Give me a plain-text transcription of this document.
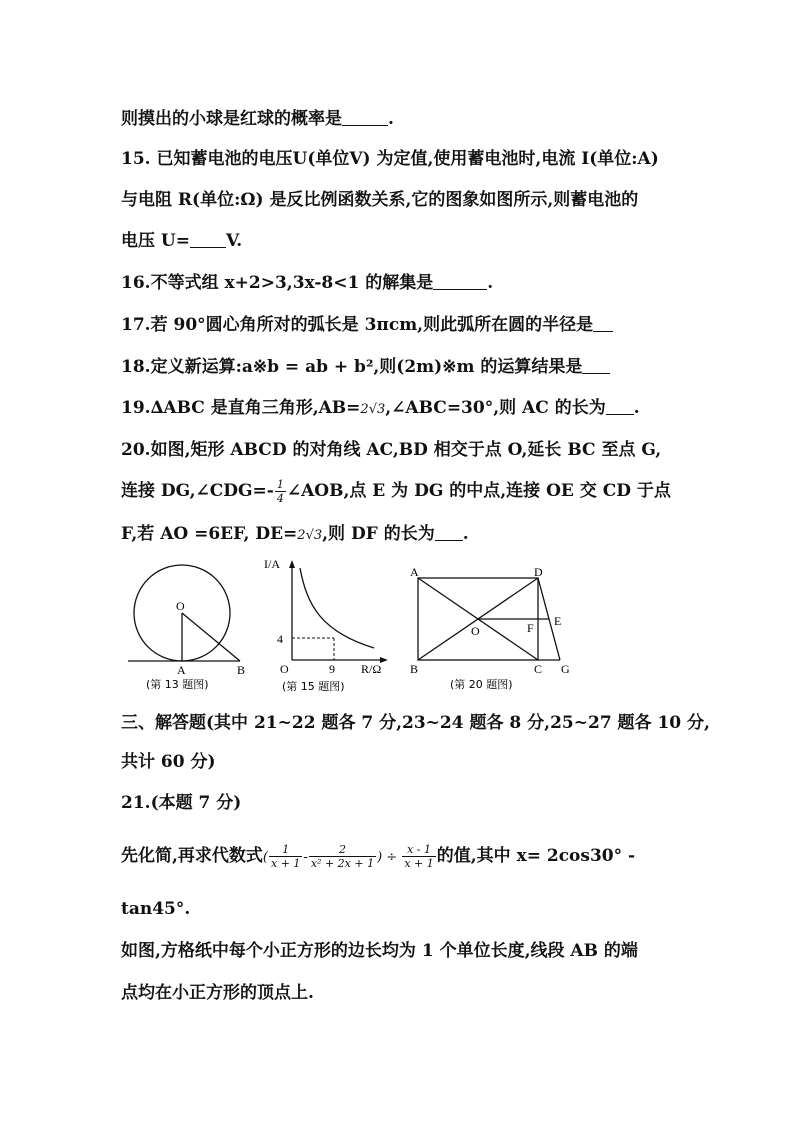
则摸出的小球是红球的概率是	.
15. 已知蓄电池的电压U(单位V) 为定值,使用蓄电池时,电流 I(单位:A)
与电阻 R(单位:Ω) 是反比例函数关系,它的图象如图所示,则蓄电池的
电压 U= V.
16.不等式组 x+2>3,3x-8<1 的解集是	.
17.若 90°圆心角所对的弧长是 3πcm,则此弧所在圆的半径是
18.定义新运算:a※b = ab + b²,则(2m)※m 的运算结果是
19.∆ABC 是直角三角形,AB=2√3,∠ABC=30°,则 AC 的长为 .
20.如图,矩形 ABCD 的对角线 AC,BD 相交于点 O,延长 BC 至点 G,
连接 DG,∠CDG=- $\frac{1}{4}$ ∠AOB,点 E 为 DG 的中点,连接 OE 交 CD 于点
F,若 AO =6EF, DE=2√3,则 DF 的长为 .
O
A	B
(第 13 题图)
I/A
4
O	9 R/Ω
(第 15 题图)
A	D
B	C G
O	F E
(第 20 题图)
三、解答题(其中 21~22 题各 7 分,23~24 题各 8 分,25~27 题各 10 分,
共计 60 分)
21.(本题 7 分)
先化简,再求代数式( $\frac{1}{x + 1} - \frac{2}{\text{x² + 2x + 1}}$ ) ÷ $\frac{x - 1}{x + 1}$ 的值,其中 x= 2cos30° -
tan45°.
如图,方格纸中每个小正方形的边长均为 1 个单位长度,线段 AB 的端
点均在小正方形的顶点上.
